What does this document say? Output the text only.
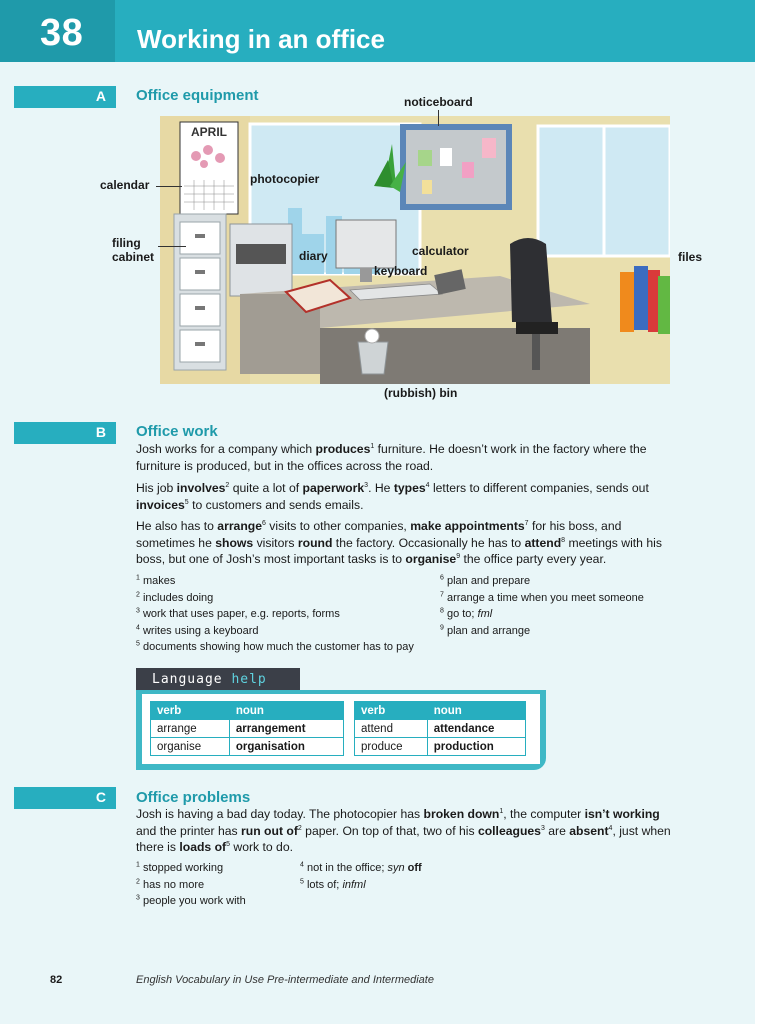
38 Working in an office
A Office equipment
APRIL
noticeboard
calendar	photocopier
filing
cabinet	diary	calculator
keyboard
files
(rubbish) bin
B Office work

Josh works for a company which produces$^1$ furniture. He doesn’t work in the factory where the furniture is produced, but in the offices across the road.

His job involves$^2$ quite a lot of paperwork$^3$. He types$^4$ letters to different companies, sends out invoices$^5$ to customers and sends emails.

He also has to arrange$^6$ visits to other companies, make appointments$^7$ for his boss, and sometimes he shows visitors round the factory. Occasionally he has to attend$^8$ meetings with his boss, but one of Josh’s most important tasks is to organise$^9$ the office party every year.

$^1$ makes
$^2$ includes doing
$^3$ work that uses paper, e.g. reports, forms
$^4$ writes using a keyboard
$^5$ documents showing how much the customer has to pay
$^6$ plan and prepare
$^7$ arrange a time when you meet someone
$^8$ go to; fml
$^9$ plan and arrange
Language help
verb	noun
arrange	arrangement
organise	organisation
verb	noun
attend	attendance
produce	production
C Office problems

Josh is having a bad day today. The photocopier has broken down$^1$, the computer isn’t working and the printer has run out $of^2$ paper. On top of that, two of his colleagues$^3$ are absent$^4$, just when there is loads $of^5$ work to do.

$^1$ stopped working
$^2$ has no more
$^3$ people you work with
$^4$ not in the office; syn off
$^5$ lots of; infml
82	English Vocabulary in Use Pre-intermediate and Intermediate
